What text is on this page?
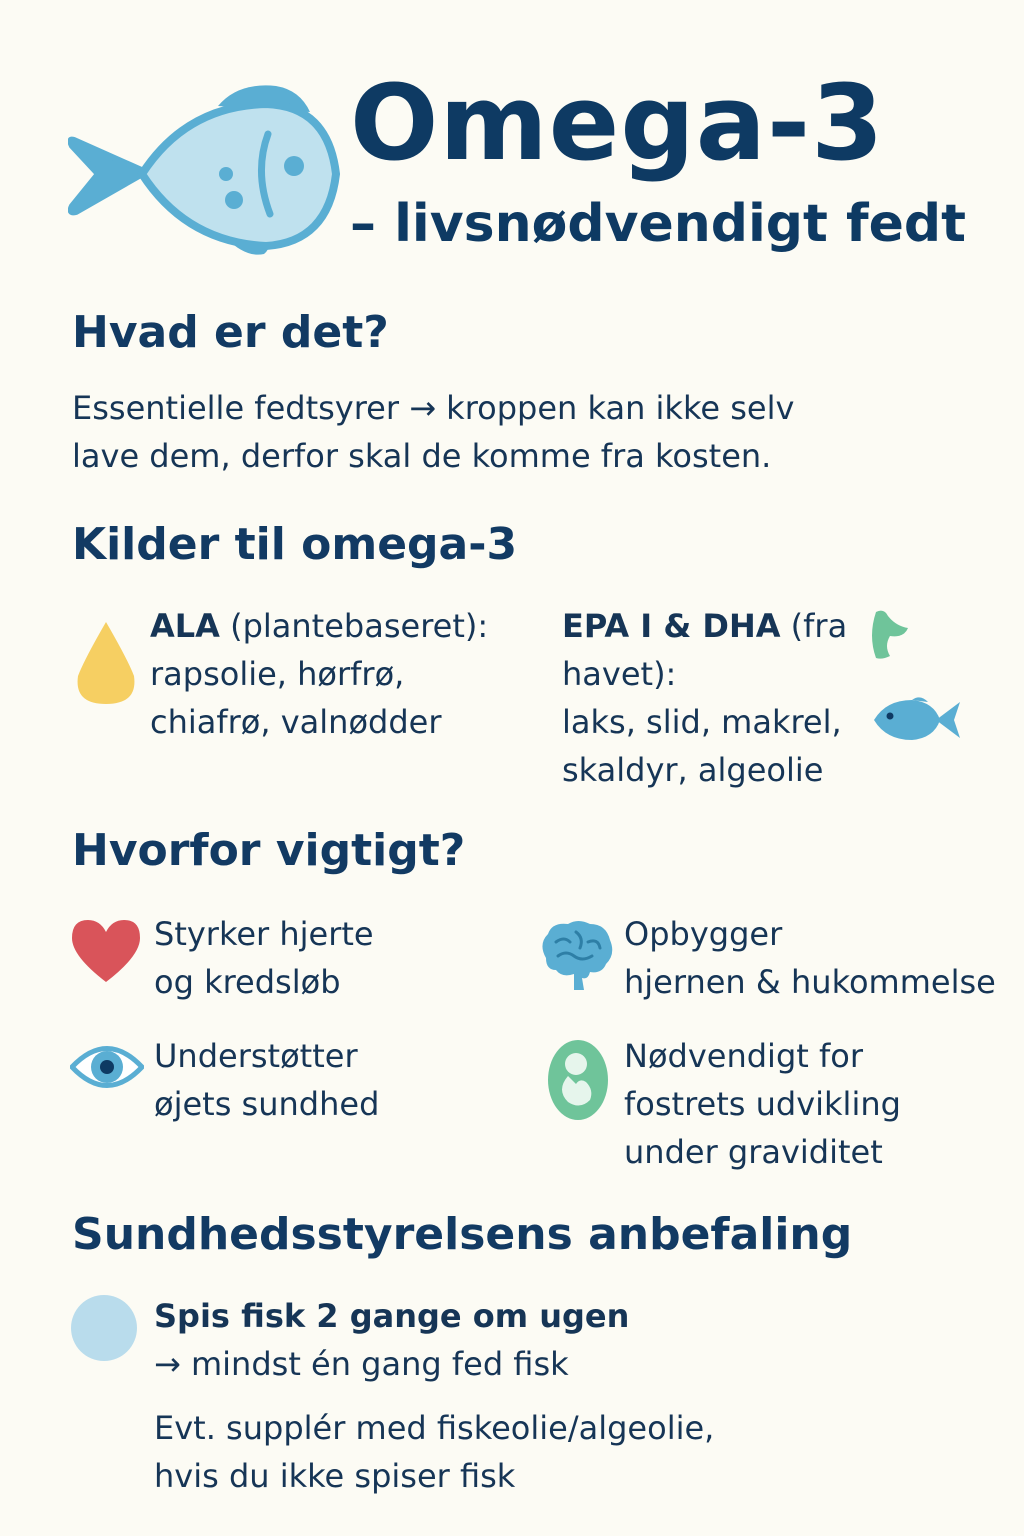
Omega-3
– livsnødvendigt fedt
Hvad er det?
Essentielle fedtsyrer → kroppen kan ikke selv
lave dem, derfor skal de komme fra kosten.
Kilder til omega-3
ALA (plantebaseret):
rapsolie, hørfrø,
chiafrø, valnødder
EPA I & DHA (fra
havet):
laks, slid, makrel,
skaldyr, algeolie
Hvorfor vigtigt?
Styrker hjerte
og kredsløb
Opbygger
hjernen & hukommelse
Understøtter
øjets sundhed
Nødvendigt for
fostrets udvikling
under graviditet
Sundhedsstyrelsens anbefaling
Spis fisk 2 gange om ugen
→ mindst én gang fed fisk
Evt. supplér med fiskeolie/algeolie,
hvis du ikke spiser fisk
